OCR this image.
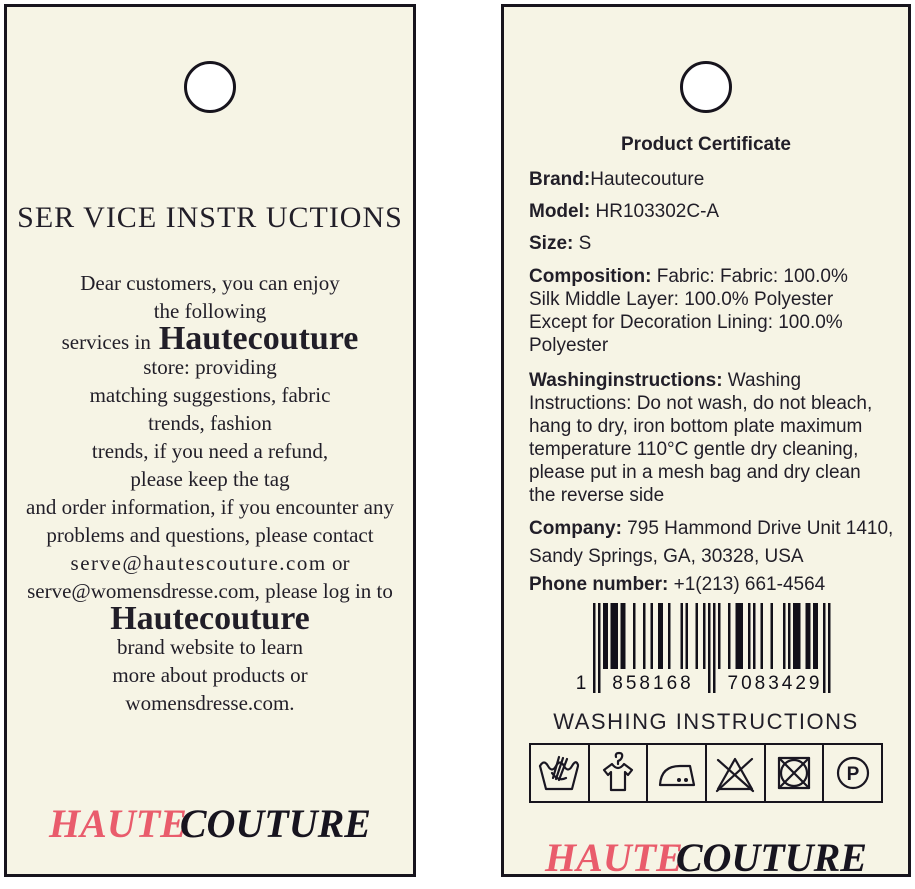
SER VICE INSTR UCTIONS
Dear customers, you can enjoy
the following
services in Hautecouture
store: providing
matching suggestions, fabric
trends, fashion
trends, if you need a refund,
please keep the tag
and order information, if you encounter any
problems and questions, please contact
serve@hautescouture.com or
serve@womensdresse.com, please log in to
Hautecouture
brand website to learn
more about products or
womensdresse.com.
HAUTECOUTURE
Product Certificate
Brand:Hautecouture
Model: HR103302C-A
Size: S
Composition: Fabric: Fabric: 100.0% Silk Middle Layer: 100.0% Polyester Except for Decoration Lining: 100.0% Polyester
Washinginstructions: Washing Instructions: Do not wash, do not bleach, hang to dry, iron bottom plate maximum temperature 110°C gentle dry cleaning, please put in a mesh bag and dry clean the reverse side
Company: 795 Hammond Drive Unit 1410,
Sandy Springs, GA, 30328, USA
Phone number: +1(213) 661-4564
1	858168	7083429
WASHING INSTRUCTIONS
P
HAUTECOUTURE
